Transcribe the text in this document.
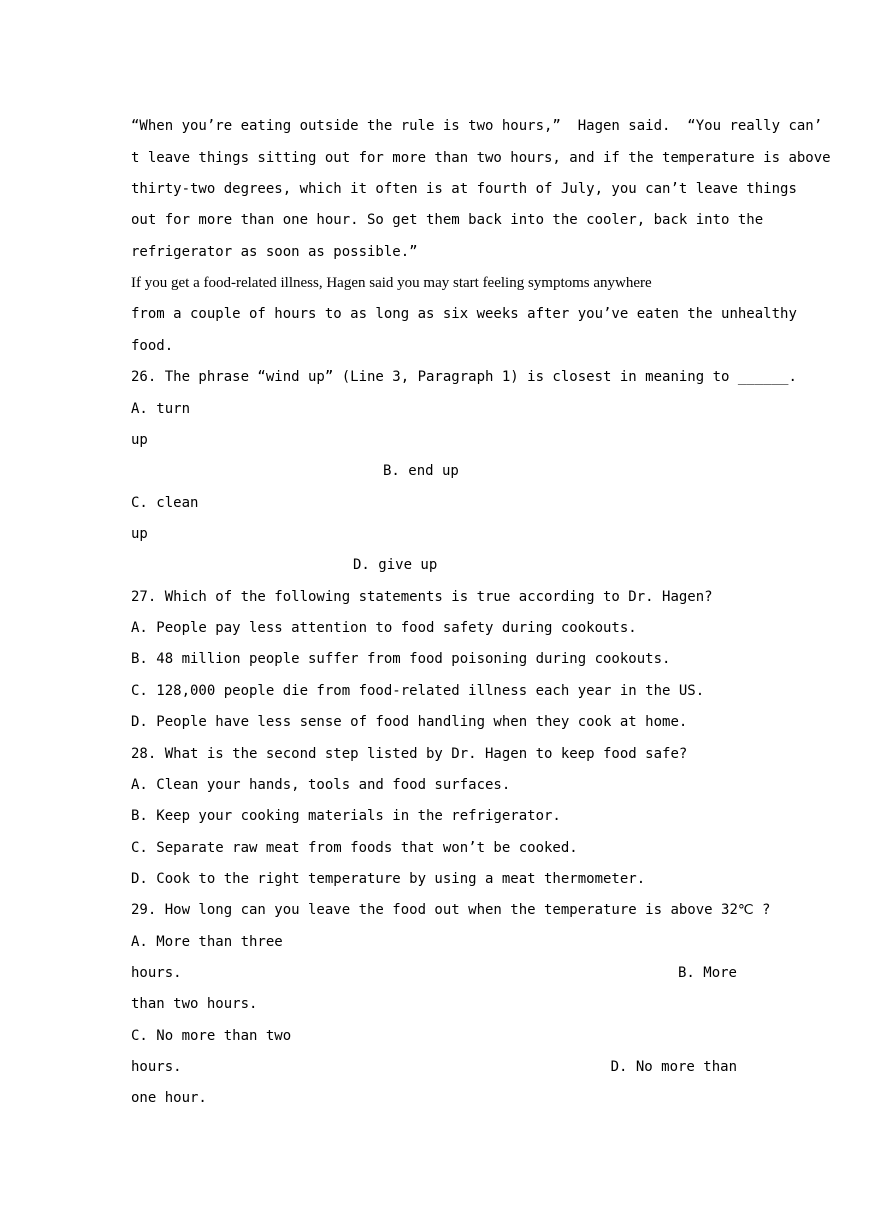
“When you’re eating outside the rule is two hours,”  Hagen said.  “You really can’
t leave things sitting out for more than two hours, and if the temperature is above
thirty-two degrees, which it often is at fourth of July, you can’t leave things
out for more than one hour. So get them back into the cooler, back into the
refrigerator as soon as possible.”
If you get a food-related illness, Hagen said you may start feeling symptoms anywhere
from a couple of hours to as long as six weeks after you’ve eaten the unhealthy
food.
26. The phrase “wind up” (Line 3, Paragraph 1) is closest in meaning to ______.
A. turn
up
B. end up
C. clean
up
D. give up
27. Which of the following statements is true according to Dr. Hagen?
A. People pay less attention to food safety during cookouts.
B. 48 million people suffer from food poisoning during cookouts.
C. 128,000 people die from food-related illness each year in the US.
D. People have less sense of food handling when they cook at home.
28. What is the second step listed by Dr. Hagen to keep food safe?
A. Clean your hands, tools and food surfaces.
B. Keep your cooking materials in the refrigerator.
C. Separate raw meat from foods that won’t be cooked.
D. Cook to the right temperature by using a meat thermometer.
29. How long can you leave the food out when the temperature is above 32℃ ?
A. More than three
hours.	B. More
than two hours.
C. No more than two
hours.	D. No more than
one hour.
